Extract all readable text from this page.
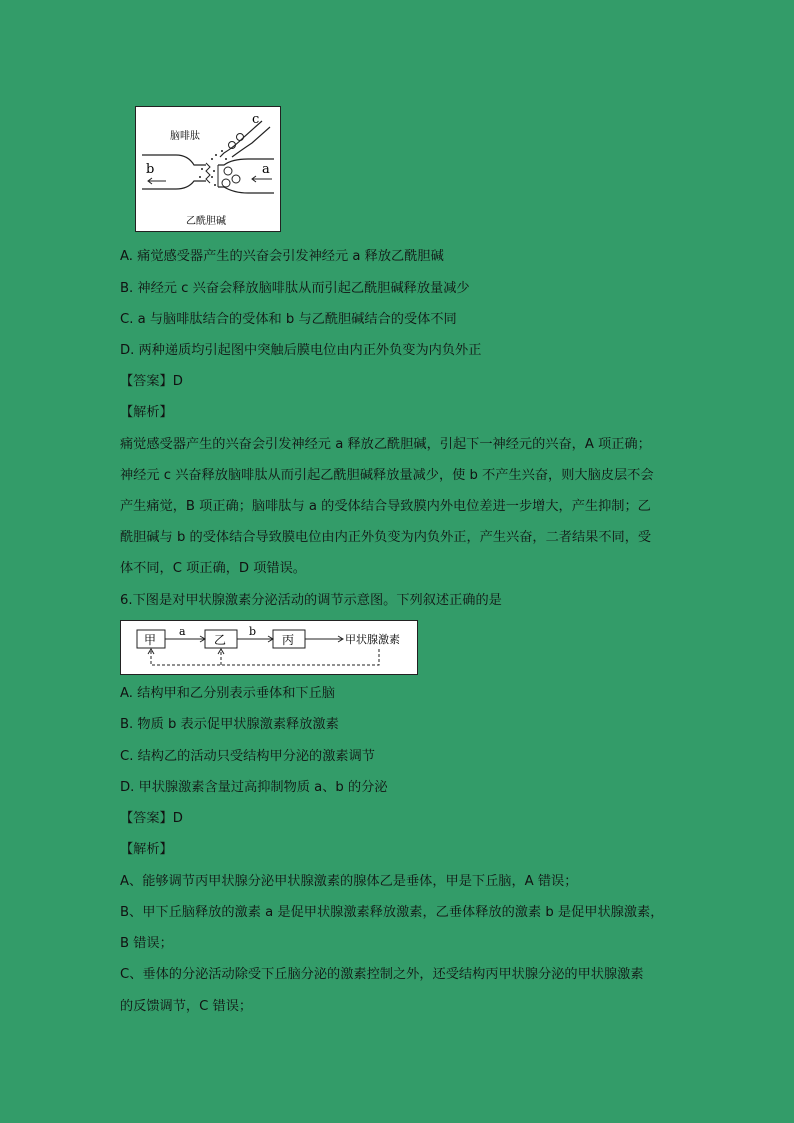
b	a
c
脑啡肽
乙酰胆碱
A. 痛觉感受器产生的兴奋会引发神经元 a 释放乙酰胆碱
B. 神经元 c 兴奋会释放脑啡肽从而引起乙酰胆碱释放量减少
C. a 与脑啡肽结合的受体和 b 与乙酰胆碱结合的受体不同
D. 两种递质均引起图中突触后膜电位由内正外负变为内负外正
【答案】D
【解析】
痛觉感受器产生的兴奋会引发神经元 a 释放乙酰胆碱，引起下一神经元的兴奋，A 项正确；
神经元 c 兴奋释放脑啡肽从而引起乙酰胆碱释放量减少，使 b 不产生兴奋，则大脑皮层不会
产生痛觉，B 项正确；脑啡肽与 a 的受体结合导致膜内外电位差进一步增大，产生抑制；乙
酰胆碱与 b 的受体结合导致膜电位由内正外负变为内负外正，产生兴奋，二者结果不同，受
体不同，C 项正确，D 项错误。
6.下图是对甲状腺激素分泌活动的调节示意图。下列叙述正确的是
甲	乙	丙
a	b
甲状腺激素
A. 结构甲和乙分别表示垂体和下丘脑
B. 物质 b 表示促甲状腺激素释放激素
C. 结构乙的活动只受结构甲分泌的激素调节
D. 甲状腺激素含量过高抑制物质 a、b 的分泌
【答案】D
【解析】
A、能够调节丙甲状腺分泌甲状腺激素的腺体乙是垂体，甲是下丘脑，A 错误；
B、甲下丘脑释放的激素 a 是促甲状腺激素释放激素，乙垂体释放的激素 b 是促甲状腺激素，
B 错误；
C、垂体的分泌活动除受下丘脑分泌的激素控制之外，还受结构丙甲状腺分泌的甲状腺激素
的反馈调节，C 错误；
